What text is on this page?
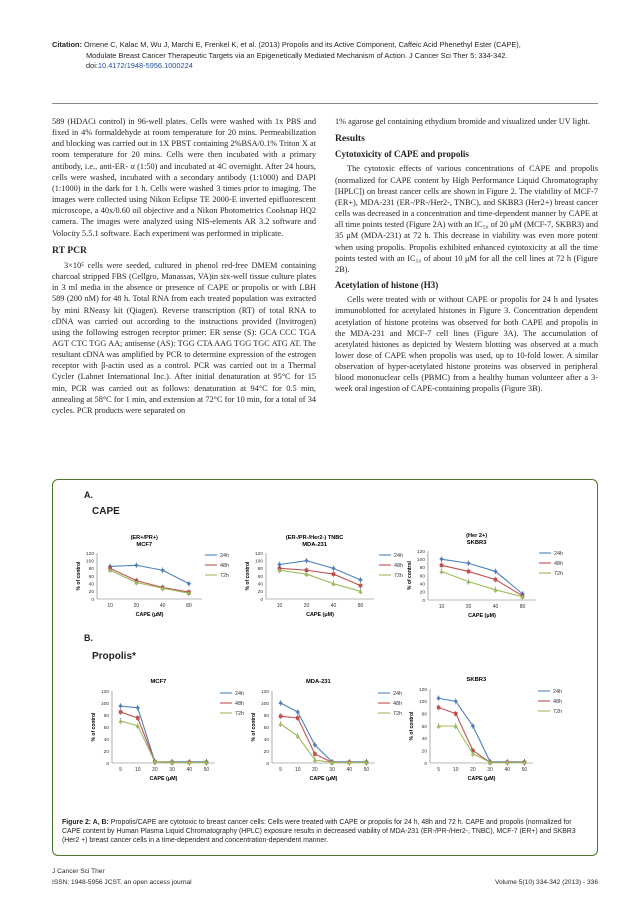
Citation: Omene C, Kalac M, Wu J, Marchi E, Frenkel K, et al. (2013) Propolis and its Active Component, Caffeic Acid Phenethyl Ester (CAPE),
Modulate Breast Cancer Therapeutic Targets via an Epigenetically Mediated Mechanism of Action. J Cancer Sci Ther 5: 334-342.
doi:10.4172/1948-5956.1000224

589 (HDACi control) in 96-well plates. Cells were washed with 1x PBS and fixed in 4% formaldehyde at room temperature for 20 mins. Permeabilization and blocking was carried out in 1X PBST containing 2%BSA/0.1% Triton X at room temperature for 20 mins. Cells were then incubated with a primary antibody, i.e., anti-ER- α (1:50) and incubated at 4C overnight. After 24 hours, cells were washed, incubated with a secondary antibody (1:1000) and DAPI (1:1000) in the dark for 1 h. Cells were washed 3 times prior to imaging. The images were collected using Nikon Eclipse TE 2000-E inverted epifluorescent microscope, a 40x/0.60 oil objective and a Nikon Photometrics Coolsnap HQ2 camera. The images were analyzed using NIS-elements AR 3.2 software and Volocity 5.5.1 software. Each experiment was performed in triplicate.

RT PCR

3×10⁵ cells were seeded, cultured in phenol red-free DMEM containing charcoal stripped FBS (Cellgro, Manassas, VA)in six-well tissue culture plates in 3 ml media in the absence or presence of CAPE or propolis or with LBH 589 (200 nM) for 48 h. Total RNA from each treated population was extracted by mini RNeasy kit (Qiagen). Reverse transcription (RT) of total RNA to cDNA was carried out according to the instructions provided (Invitrogen) using the following estrogen receptor primer: ER sense (S): GCA CCC TGA AGT CTC TGG AA; antisense (AS): TGG CTA AAG TGG TGC ATG AT. The resultant cDNA was amplified by PCR to determine expression of the estrogen receptor with β-actin used as a control. PCR was carried out in a Thermal Cycler (Labnet International Inc.). After initial denaturation at 95°C for 15 min, PCR was carried out as follows: denaturation at 94°C for 0.5 min, annealing at 58°C for 1 min, and extension at 72°C for 10 min, for a total of 34 cycles. PCR products were separated on

1% agarose gel containing ethydium bromide and visualized under UV light.

Results
Cytotoxicity of CAPE and propolis

The cytotoxic effects of various concentrations of CAPE and propolis (normalized for CAPE content by High Performance Liquid Chromatography [HPLC]) on breast cancer cells are shown in Figure 2. The viability of MCF-7 (ER+), MDA-231 (ER-/PR-/Her2-, TNBC), and SKBR3 (Her2+) breast cancer cells was decreased in a concentration and time-dependent manner by CAPE at all time points tested (Figure 2A) with an IC₅₀ of 20 μM (MCF-7, SKBR3) and 35 μM (MDA-231) at 72 h. This decrease in viability was even more potent when using propolis. Propolis exhibited enhanced cytotoxicity at all the time points tested with an IC₅₀ of about 10 μM for all the cell lines at 72 h (Figure 2B).

Acetylation of histone (H3)

Cells were treated with or without CAPE or propolis for 24 h and lysates immunoblotted for acetylated histones in Figure 3. Concentration dependent acetylation of histone proteins was observed for both CAPE and propolis in the MDA-231 and MCF-7 cell lines (Figure 3A). The accumulation of acetylated histones as depicted by Western blotting was observed at a much lower dose of CAPE when propolis was used, up to 10-fold lower. A similar observation of hyper-acetylated histone proteins was observed in peripheral blood mononuclear cells (PBMC) from a healthy human volunteer after a 3-week oral ingestion of CAPE-containing propolis (Figure 3B).

A.
B.
CAPE
Propolis*
(ER+/PR+)
MCF7
0
20
40
60
80
100
120
10	20	40	80
CAPE (μM)
% of control
24h
48h
72h
(ER-/PR-/Her2-) TNBC
MDA-231
0
20
40
60
80
100
120
10	20	40	80
CAPE (μM)
% of control
24h
48h
72h
(Her 2+)
SKBR3
0
20
40
60
80
100
120
10	20	40	80
CAPE (μM)
% of control
24h
48h
72h
MCF7
0
20
40
60
80
100
120
5	10 20 30 40 50
CAPE (μM)
% of control
24h
48h
72h
MDA-231
0
20
40
60
80
100
120
5	10 20 30 40 50
CAPE (μM)
% of control
24h
48h
72h
SKBR3
0
20
40
60
80
100
120
5	10 20 30 40 50
CAPE (μM)
% of control
24h
48h
72h
Figure 2: A, B: Propolis/CAPE are cytotoxic to breast cancer cells: Cells were treated with CAPE or propolis for 24 h, 48h and 72 h. CAPE and propolis (normalized for CAPE content by Human Plasma Liquid Chromatography (HPLC) exposure results in decreased viability of MDA-231 (ER-/PR-/Her2-, TNBC), MCF-7 (ER+) and SKBR3 (Her2 +) breast cancer cells in a time-dependent and concentration-dependent manner.
J Cancer Sci Ther
ISSN: 1948-5956 JCST, an open access journal	Volume 5(10) 334-342 (2013) - 336
